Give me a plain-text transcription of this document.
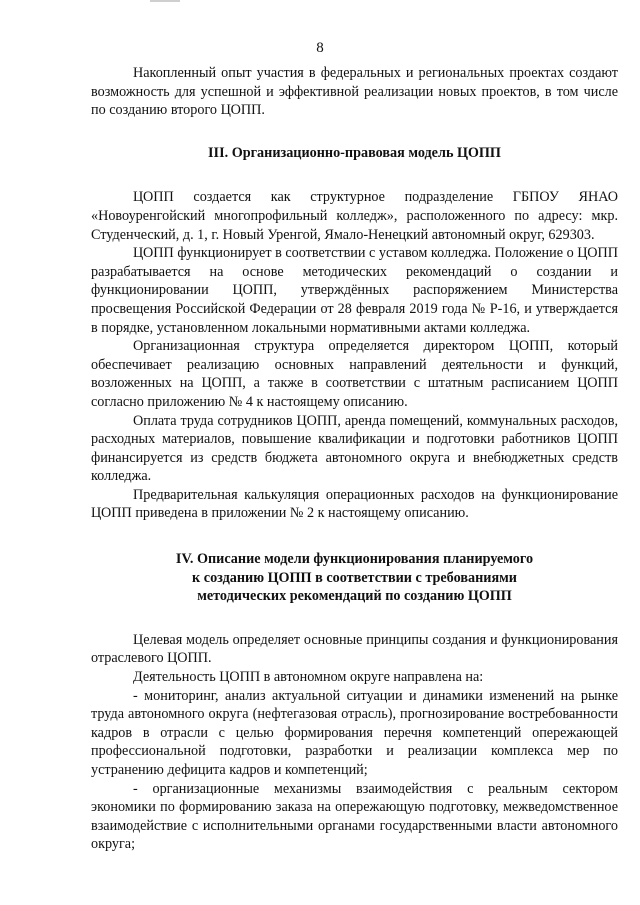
8

Накопленный опыт участия в федеральных и региональных проектах создают возможность для успешной и эффективной реализации новых проектов, в том числе по созданию второго ЦОПП.

III. Организационно-правовая модель ЦОПП

ЦОПП создается как структурное подразделение ГБПОУ ЯНАО «Новоуренгойский многопрофильный колледж», расположенного по адресу: мкр. Студенческий, д. 1, г. Новый Уренгой, Ямало-Ненецкий автономный округ, 629303.

ЦОПП функционирует в соответствии с уставом колледжа. Положение о ЦОПП разрабатывается на основе методических рекомендаций о создании и функционировании ЦОПП, утверждённых распоряжением Министерства просвещения Российской Федерации от 28 февраля 2019 года № Р-16, и утверждается в порядке, установленном локальными нормативными актами колледжа.

Организационная структура определяется директором ЦОПП, который обеспечивает реализацию основных направлений деятельности и функций, возложенных на ЦОПП, а также в соответствии с штатным расписанием ЦОПП согласно приложению № 4 к настоящему описанию.

Оплата труда сотрудников ЦОПП, аренда помещений, коммунальных расходов, расходных материалов, повышение квалификации и подготовки работников ЦОПП финансируется из средств бюджета автономного округа и внебюджетных средств колледжа.

Предварительная калькуляция операционных расходов на функционирование ЦОПП приведена в приложении № 2 к настоящему описанию.

IV. Описание модели функционирования планируемого
к созданию ЦОПП в соответствии с требованиями
методических рекомендаций по созданию ЦОПП

Целевая модель определяет основные принципы создания и функционирования отраслевого ЦОПП.

Деятельность ЦОПП в автономном округе направлена на:

- мониторинг, анализ актуальной ситуации и динамики изменений на рынке труда автономного округа (нефтегазовая отрасль), прогнозирование востребованности кадров в отрасли с целью формирования перечня компетенций опережающей профессиональной подготовки, разработки и реализации комплекса мер по устранению дефицита кадров и компетенций;

- организационные механизмы взаимодействия с реальным сектором экономики по формированию заказа на опережающую подготовку, межведомственное взаимодействие с исполнительными органами государственными власти автономного округа;
